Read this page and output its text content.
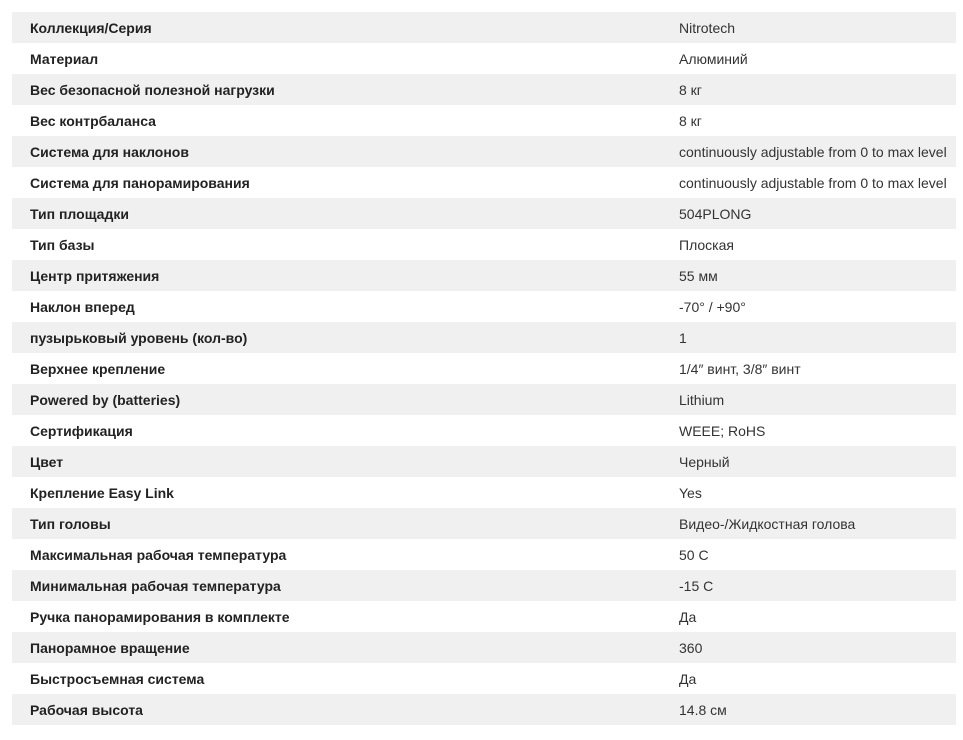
Коллекция/Серия	Nitrotech
Материал	Алюминий
Вес безопасной полезной нагрузки	8 кг
Вес контрбаланса	8 кг
Система для наклонов	continuously adjustable from 0 to max level
Система для панорамирования	continuously adjustable from 0 to max level
Тип площадки	504PLONG
Тип базы	Плоская
Центр притяжения	55 мм
Наклон вперед	-70° / +90°
пузырьковый уровень (кол-во)	1
Верхнее крепление	1/4″ винт, 3/8″ винт
Powered by (batteries)	Lithium
Сертификация	WEEE; RoHS
Цвет	Черный
Крепление Easy Link	Yes
Тип головы	Видео-/Жидкостная голова
Максимальная рабочая температура	50 C
Минимальная рабочая температура	-15 C
Ручка панорамирования в комплекте	Да
Панорамное вращение	360
Быстросъемная система	Да
Рабочая высота	14.8 см
